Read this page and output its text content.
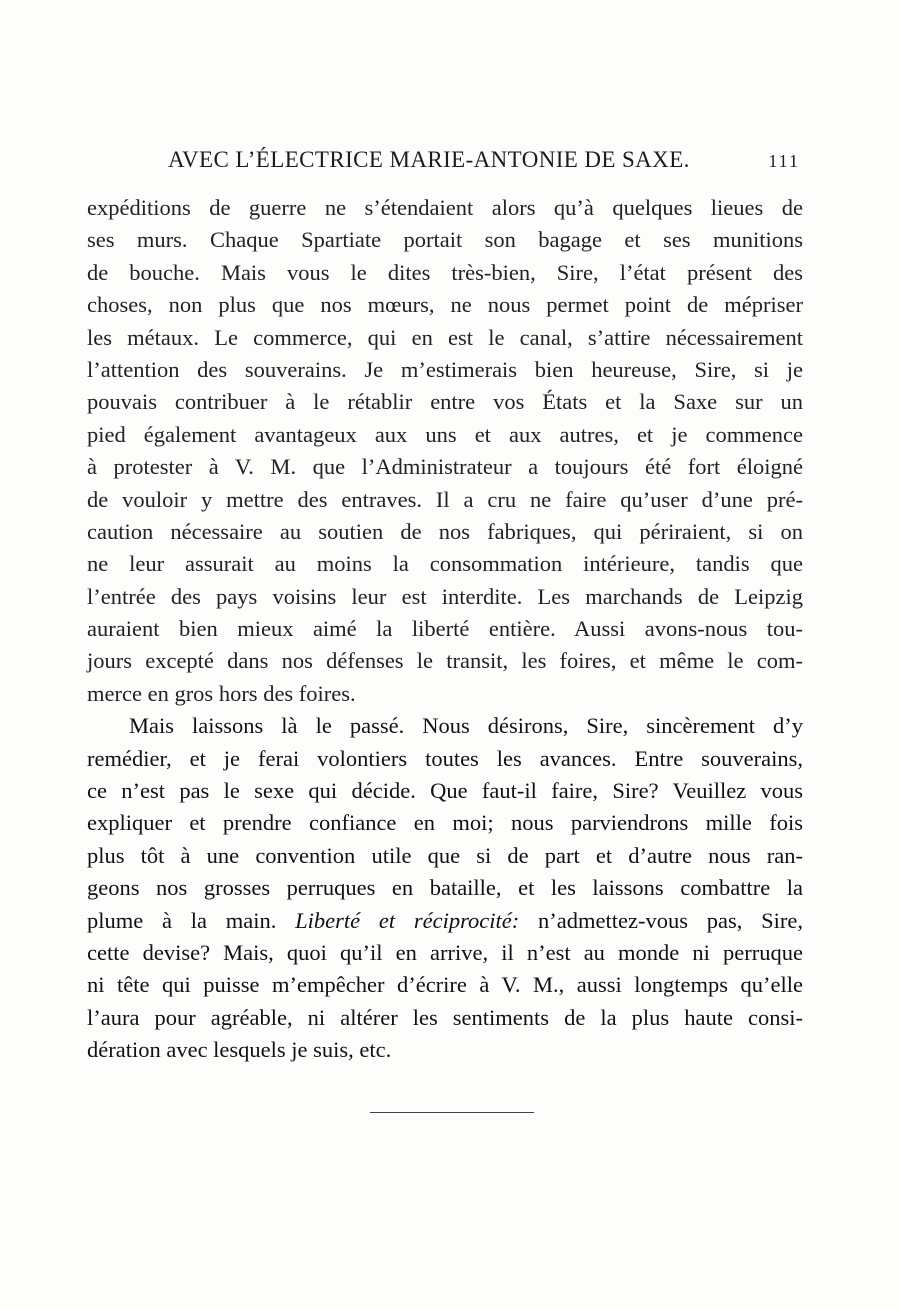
AVEC L’ÉLECTRICE MARIE-ANTONIE DE SAXE.	111
expéditions de guerre ne s’étendaient alors qu’à quelques lieues de
ses murs. Chaque Spartiate portait son bagage et ses munitions
de bouche. Mais vous le dites très-bien, Sire, l’état présent des
choses, non plus que nos mœurs, ne nous permet point de mépriser
les métaux. Le commerce, qui en est le canal, s’attire nécessairement
l’attention des souverains. Je m’estimerais bien heureuse, Sire, si je
pouvais contribuer à le rétablir entre vos États et la Saxe sur un
pied également avantageux aux uns et aux autres, et je commence
à protester à V. M. que l’Administrateur a toujours été fort éloigné
de vouloir y mettre des entraves. Il a cru ne faire qu’user d’une pré-
caution nécessaire au soutien de nos fabriques, qui périraient, si on
ne leur assurait au moins la consommation intérieure, tandis que
l’entrée des pays voisins leur est interdite. Les marchands de Leipzig
auraient bien mieux aimé la liberté entière. Aussi avons-nous tou-
jours excepté dans nos défenses le transit, les foires, et même le com-
merce en gros hors des foires.
Mais laissons là le passé. Nous désirons, Sire, sincèrement d’y
remédier, et je ferai volontiers toutes les avances. Entre souverains,
ce n’est pas le sexe qui décide. Que faut-il faire, Sire? Veuillez vous
expliquer et prendre confiance en moi; nous parviendrons mille fois
plus tôt à une convention utile que si de part et d’autre nous ran-
geons nos grosses perruques en bataille, et les laissons combattre la
plume à la main. Liberté et réciprocité: n’admettez-vous pas, Sire,
cette devise? Mais, quoi qu’il en arrive, il n’est au monde ni perruque
ni tête qui puisse m’empêcher d’écrire à V. M., aussi longtemps qu’elle
l’aura pour agréable, ni altérer les sentiments de la plus haute consi-
dération avec lesquels je suis, etc.
